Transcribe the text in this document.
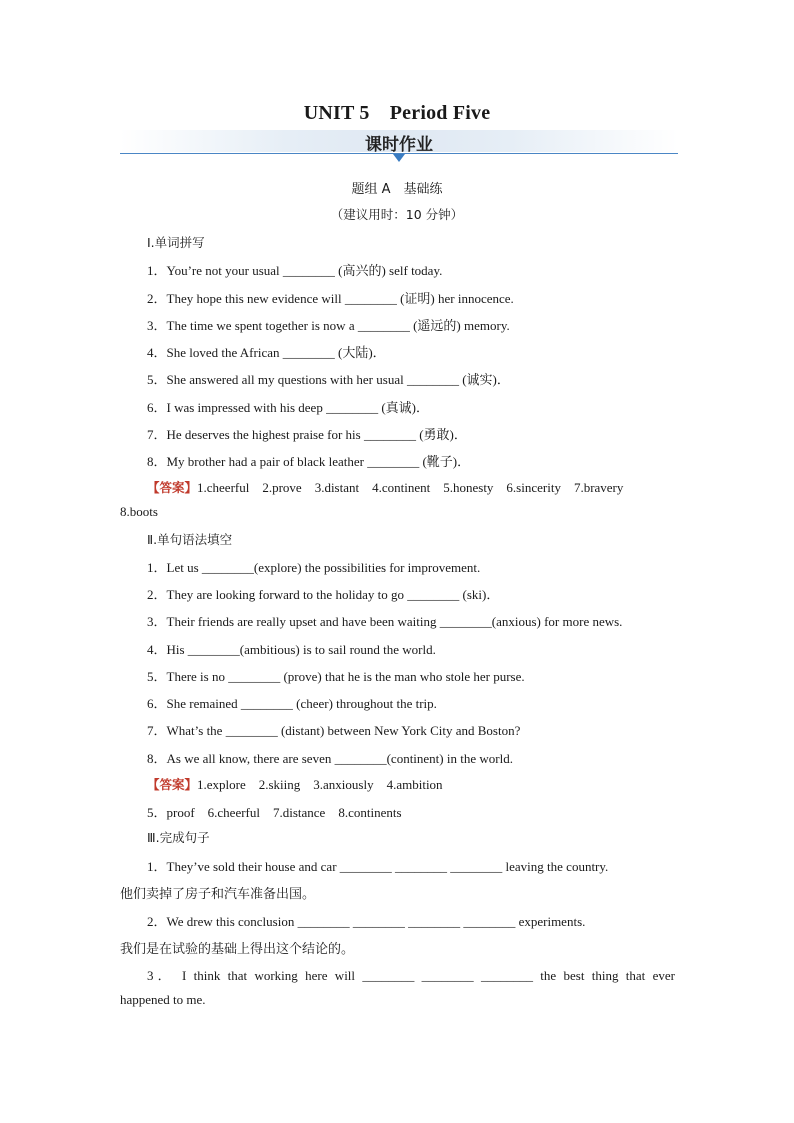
UNIT 5　Period Five
课时作业
题组 A　基础练
（建议用时：10 分钟）
Ⅰ.单词拼写
1．You’re not your usual ________ (高兴的) self today.
2．They hope this new evidence will ________ (证明) her innocence.
3．The time we spent together is now a ________ (遥远的) memory.
4．She loved the African ________ (大陆)．
5．She answered all my questions with her usual ________ (诚实)．
6．I was impressed with his deep ________ (真诚)．
7．He deserves the highest praise for his ________ (勇敢)．
8．My brother had a pair of black leather ________ (靴子)．
【答案】1.cheerful    2.prove    3.distant    4.continent    5.honesty    6.sincerity    7.bravery
8.boots
Ⅱ.单句语法填空
1．Let us ________(explore) the possibilities for improvement.
2．They are looking forward to the holiday to go ________ (ski)．
3．Their friends are really upset and have been waiting ________(anxious) for more news.
4．His ________(ambitious) is to sail round the world.
5．There is no ________ (prove) that he is the man who stole her purse.
6．She remained ________ (cheer) throughout the trip.
7．What’s the ________ (distant) between New York City and Boston?
8．As we all know, there are seven ________(continent) in the world.
【答案】1.explore    2.skiing    3.anxiously    4.ambition
5．proof    6.cheerful    7.distance    8.continents
Ⅲ.完成句子
1．They’ve sold their house and car ________ ________ ________ leaving the country.
他们卖掉了房子和汽车准备出国。
2．We drew this conclusion ________ ________ ________ ________ experiments.
我们是在试验的基础上得出这个结论的。
3． I think that working here will ________ ________ ________ the best thing that ever
happened to me.
